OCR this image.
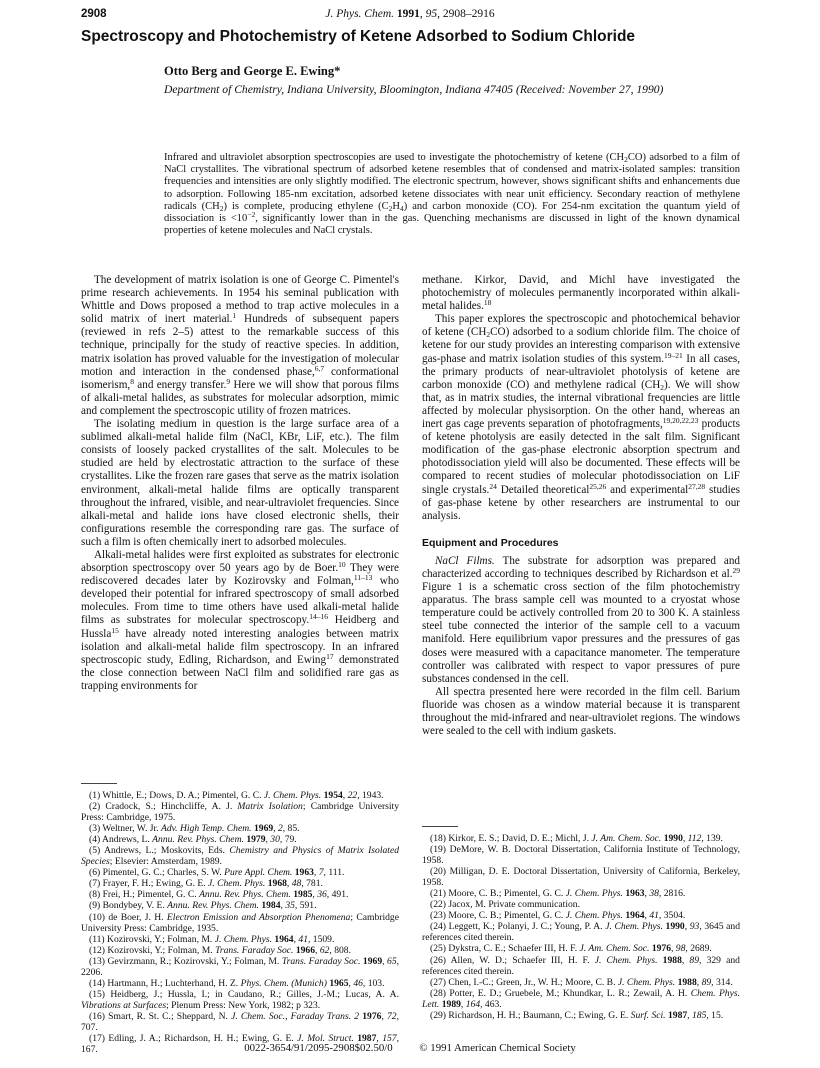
2908	J. Phys. Chem. 1991, 95, 2908–2916
Spectroscopy and Photochemistry of Ketene Adsorbed to Sodium Chloride
Otto Berg and George E. Ewing*
Department of Chemistry, Indiana University, Bloomington, Indiana 47405 (Received: November 27, 1990)
Infrared and ultraviolet absorption spectroscopies are used to investigate the photochemistry of ketene $(CH_2CO)$ adsorbed to a film of NaCl crystallites. The vibrational spectrum of adsorbed ketene resembles that of condensed and matrix-isolated samples: transition frequencies and intensities are only slightly modified. The electronic spectrum, however, shows significant shifts and enhancements due to adsorption. Following 185-nm excitation, adsorbed ketene dissociates with near unit efficiency. Secondary reaction of methylene radicals $(CH_2)$ is complete, producing ethylene $(C_2H_4)$ and carbon monoxide (CO). For 254-nm excitation the quantum yield of dissociation is $<10^{-2}$, significantly lower than in the gas. Quenching mechanisms are discussed in light of the known dynamical properties of ketene molecules and NaCl crystals.

The development of matrix isolation is one of George C. Pimentel's prime research achievements. In 1954 his seminal publication with Whittle and Dows proposed a method to trap active molecules in a solid matrix of inert material.$^1$ Hundreds of subsequent papers (reviewed in refs 2–5) attest to the remarkable success of this technique, principally for the study of reactive species. In addition, matrix isolation has proved valuable for the investigation of molecular motion and interaction in the condensed phase,$^{6,7}$ conformational isomerism,$^8$ and energy transfer.$^9$ Here we will show that porous films of alkali-metal halides, as substrates for molecular adsorption, mimic and complement the spectroscopic utility of frozen matrices.

The isolating medium in question is the large surface area of a sublimed alkali-metal halide film (NaCl, KBr, LiF, etc.). The film consists of loosely packed crystallites of the salt. Molecules to be studied are held by electrostatic attraction to the surface of these crystallites. Like the frozen rare gases that serve as the matrix isolation environment, alkali-metal halide films are optically transparent throughout the infrared, visible, and near-ultraviolet frequencies. Since alkali-metal and halide ions have closed electronic shells, their configurations resemble the corresponding rare gas. The surface of such a film is often chemically inert to adsorbed molecules.

Alkali-metal halides were first exploited as substrates for electronic absorption spectroscopy over 50 years ago by de Boer.$^{10}$ They were rediscovered decades later by Kozirovsky and Folman,$^{11-13}$ who developed their potential for infrared spectroscopy of small adsorbed molecules. From time to time others have used alkali-metal halide films as substrates for molecular spectroscopy.$^{14-16}$ Heidberg and Hussla$^{15}$ have already noted interesting analogies between matrix isolation and alkali-metal halide film spectroscopy. In an infrared spectroscopic study, Edling, Richardson, and Ewing$^{17}$ demonstrated the close connection between NaCl film and solidified rare gas as trapping environments for

methane. Kirkor, David, and Michl have investigated the photochemistry of molecules permanently incorporated within alkali-metal halides.$^{18}$

This paper explores the spectroscopic and photochemical behavior of ketene $(CH_2CO)$ adsorbed to a sodium chloride film. The choice of ketene for our study provides an interesting comparison with extensive gas-phase and matrix isolation studies of this system.$^{19-21}$ In all cases, the primary products of near-ultraviolet photolysis of ketene are carbon monoxide (CO) and methylene radical $(CH_2)$. We will show that, as in matrix studies, the internal vibrational frequencies are little affected by molecular physisorption. On the other hand, whereas an inert gas cage prevents separation of photofragments,$^{19,20,22,23}$ products of ketene photolysis are easily detected in the salt film. Significant modification of the gas-phase electronic absorption spectrum and photodissociation yield will also be documented. These effects will be compared to recent studies of molecular photodissociation on LiF single crystals.$^{24}$ Detailed theoretical$^{25,26}$ and experimental$^{27,28}$ studies of gas-phase ketene by other researchers are instrumental to our analysis.

Equipment and Procedures

NaCl Films. The substrate for adsorption was prepared and characterized according to techniques described by Richardson et al.$^{29}$ Figure 1 is a schematic cross section of the film photochemistry apparatus. The brass sample cell was mounted to a cryostat whose temperature could be actively controlled from 20 to 300 K. A stainless steel tube connected the interior of the sample cell to a vacuum manifold. Here equilibrium vapor pressures and the pressures of gas doses were measured with a capacitance manometer. The temperature controller was calibrated with respect to vapor pressures of pure substances condensed in the cell.

All spectra presented here were recorded in the film cell. Barium fluoride was chosen as a window material because it is transparent throughout the mid-infrared and near-ultraviolet regions. The windows were sealed to the cell with indium gaskets.

(1) Whittle, E.; Dows, D. A.; Pimentel, G. C. J. Chem. Phys. 1954, 22, 1943.
(2) Cradock, S.; Hinchcliffe, A. J. Matrix Isolation; Cambridge University Press: Cambridge, 1975.
(3) Weltner, W. Jr. Adv. High Temp. Chem. 1969, 2, 85.
(4) Andrews, L. Annu. Rev. Phys. Chem. 1979, 30, 79.
(5) Andrews, L.; Moskovits, Eds. Chemistry and Physics of Matrix Isolated Species; Elsevier: Amsterdam, 1989.
(6) Pimentel, G. C.; Charles, S. W. Pure Appl. Chem. 1963, 7, 111.
(7) Frayer, F. H.; Ewing, G. E. J. Chem. Phys. 1968, 48, 781.
(8) Frei, H.; Pimentel, G. C. Annu. Rev. Phys. Chem. 1985, 36, 491.
(9) Bondybey, V. E. Annu. Rev. Phys. Chem. 1984, 35, 591.
(10) de Boer, J. H. Electron Emission and Absorption Phenomena; Cambridge University Press: Cambridge, 1935.
(11) Kozirovski, Y.; Folman, M. J. Chem. Phys. 1964, 41, 1509.
(12) Kozirovski, Y.; Folman, M. Trans. Faraday Soc. 1966, 62, 808.
(13) Gevirzmann, R.; Kozirovski, Y.; Folman, M. Trans. Faraday Soc. 1969, 65, 2206.
(14) Hartmann, H.; Luchterhand, H. Z. Phys. Chem. (Munich) 1965, 46, 103.
(15) Heidberg, J.; Hussla, I.; in Caudano, R.; Gilles, J.-M.; Lucas, A. A. Vibrations at Surfaces; Plenum Press: New York, 1982; p 323.
(16) Smart, R. St. C.; Sheppard, N. J. Chem. Soc., Faraday Trans. 2 1976, 72, 707.
(17) Edling, J. A.; Richardson, H. H.; Ewing, G. E. J. Mol. Struct. 1987, 157, 167.
(18) Kirkor, E. S.; David, D. E.; Michl, J. J. Am. Chem. Soc. 1990, 112, 139.
(19) DeMore, W. B. Doctoral Dissertation, California Institute of Technology, 1958.
(20) Milligan, D. E. Doctoral Dissertation, University of California, Berkeley, 1958.
(21) Moore, C. B.; Pimentel, G. C. J. Chem. Phys. 1963, 38, 2816.
(22) Jacox, M. Private communication.
(23) Moore, C. B.; Pimentel, G. C. J. Chem. Phys. 1964, 41, 3504.
(24) Leggett, K.; Polanyi, J. C.; Young, P. A. J. Chem. Phys. 1990, 93, 3645 and references cited therein.
(25) Dykstra, C. E.; Schaefer III, H. F. J. Am. Chem. Soc. 1976, 98, 2689.
(26) Allen, W. D.; Schaefer III, H. F. J. Chem. Phys. 1988, 89, 329 and references cited therein.
(27) Chen, I.-C.; Green, Jr., W. H.; Moore, C. B. J. Chem. Phys. 1988, 89, 314.
(28) Potter, E. D.; Gruebele, M.; Khundkar, L. R.; Zewail, A. H. Chem. Phys. Lett. 1989, 164, 463.
(29) Richardson, H. H.; Baumann, C.; Ewing, G. E. Surf. Sci. 1987, 185, 15.
0022-3654/91/2095-2908$02.50/0 © 1991 American Chemical Society
